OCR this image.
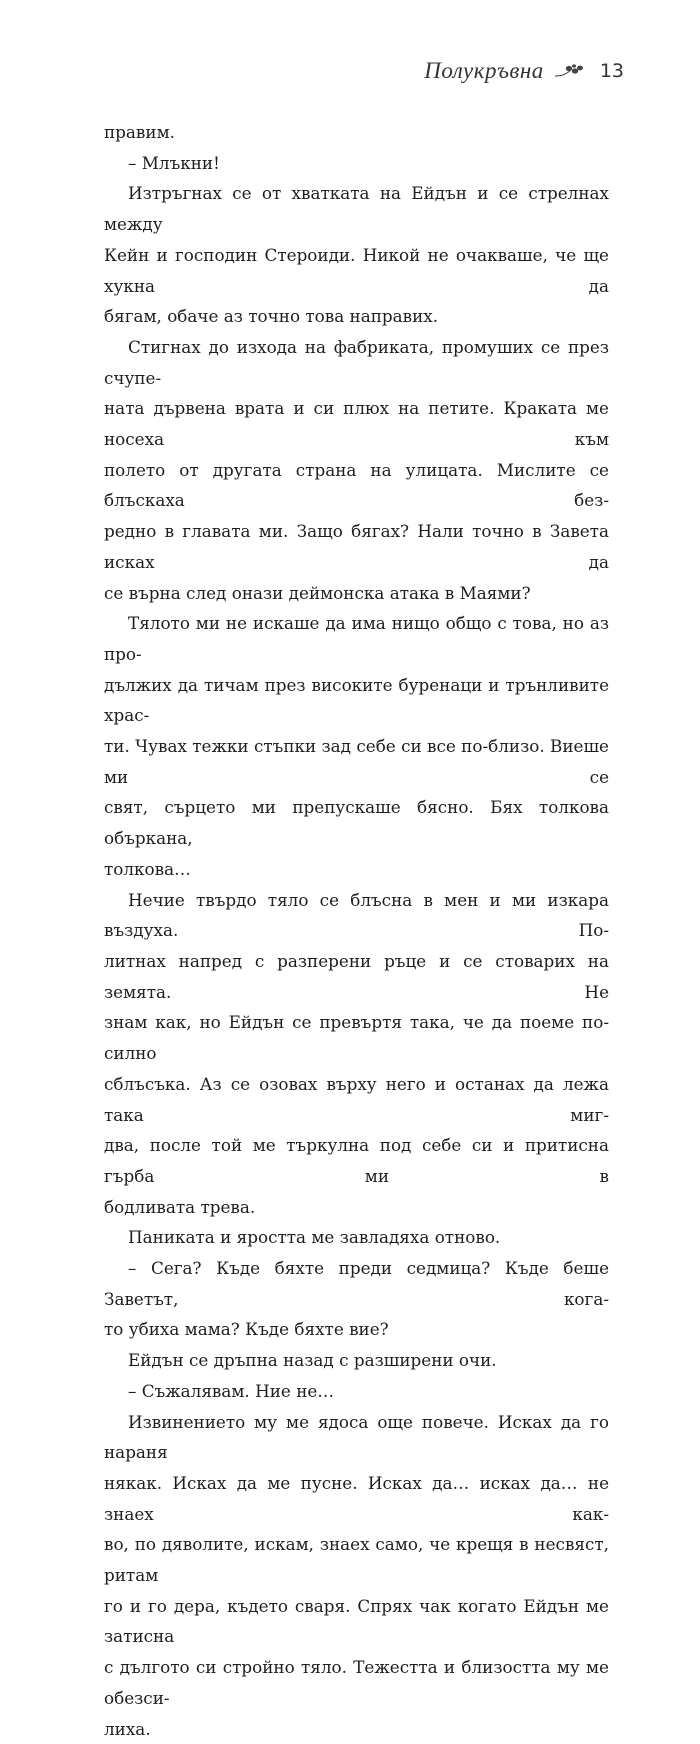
Полукръвна	13

правим.

– Млъкни!

Изтръгнах се от хватката на Ейдън и се стрелнах между

Кейн и господин Стероиди. Никой не очакваше, че ще хукна да

бягам, обаче аз точно това направих.

Стигнах до изхода на фабриката, промуших се през счупе-

ната дървена врата и си плюх на петите. Краката ме носеха към

полето от другата страна на улицата. Мислите се блъскаха без-

редно в главата ми. Защо бягах? Нали точно в Завета исках да

се върна след онази деймонска атака в Маями?

Тялото ми не искаше да има нищо общо с това, но аз про-

дължих да тичам през високите буренаци и трънливите храс-

ти. Чувах тежки стъпки зад себе си все по-близо. Виеше ми се

свят, сърцето ми препускаше бясно. Бях толкова объркана,

толкова…

Нечие твърдо тяло се блъсна в мен и ми изкара въздуха. По-

литнах напред с разперени ръце и се стоварих на земята. Не

знам как, но Ейдън се превъртя така, че да поеме по-силно

сблъсъка. Аз се озовах върху него и останах да лежа така миг-

два, после той ме търкулна под себе си и притисна гърба ми в

бодливата трева.

Паниката и яростта ме завладяха отново.

– Сега? Къде бяхте преди седмица? Къде беше Заветът, кога-

то убиха мама? Къде бяхте вие?

Ейдън се дръпна назад с разширени очи.

– Съжалявам. Ние не…

Извинението му ме ядоса още повече. Исках да го нараня

някак. Исках да ме пусне. Исках да… исках да… не знаех как-

во, по дяволите, искам, знаех само, че крещя в несвяст, ритам

го и го дера, където сваря. Спрях чак когато Ейдън ме затисна

с дългото си стройно тяло. Тежестта и близостта му ме обезси-

лиха.
